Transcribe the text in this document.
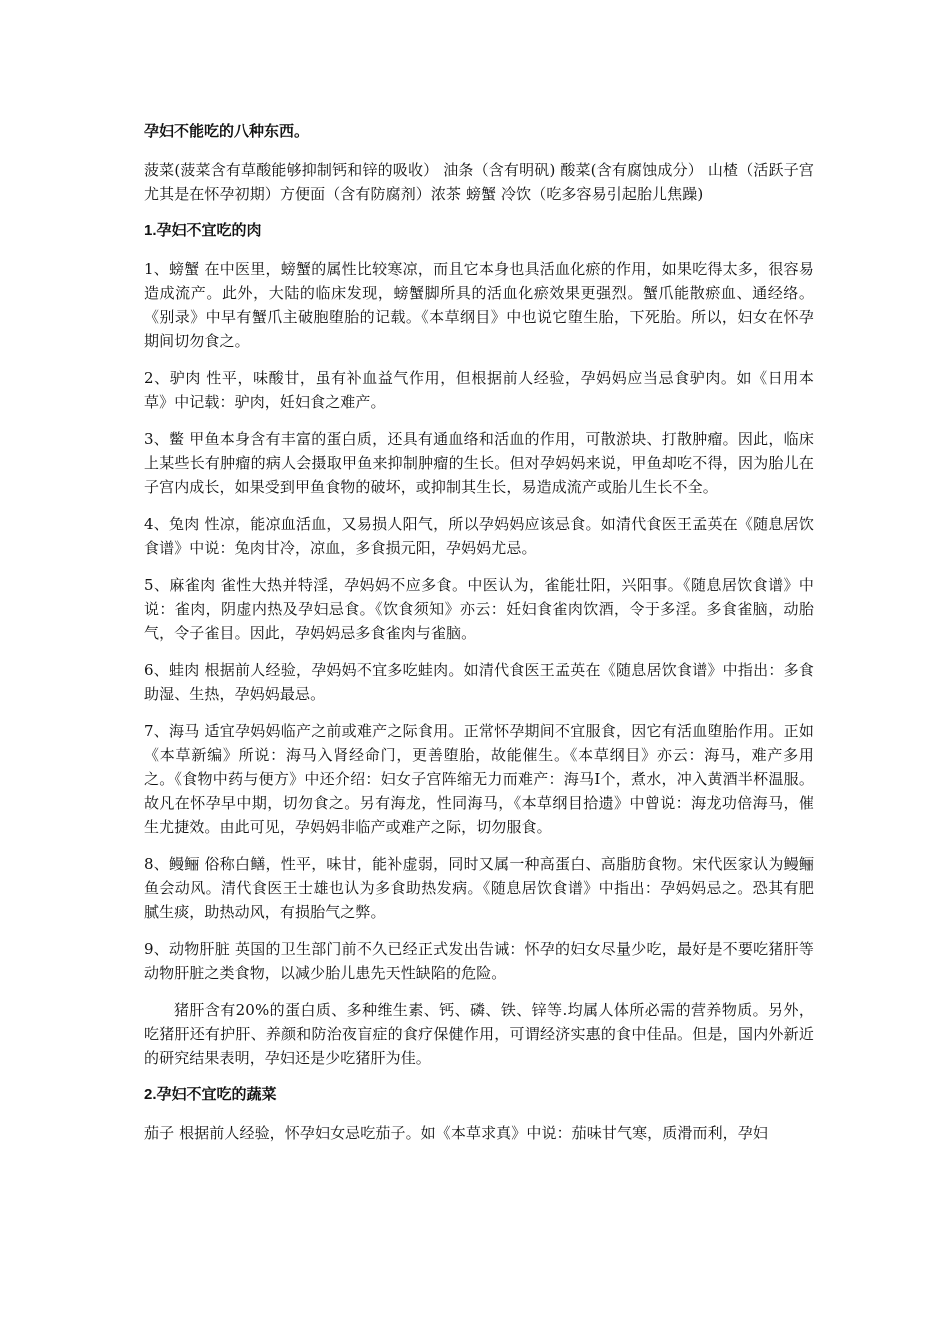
孕妇不能吃的八种东西。

菠菜(菠菜含有草酸能够抑制钙和锌的吸收） 油条（含有明矾) 酸菜(含有腐蚀成分） 山楂（活跃子宫尤其是在怀孕初期）方便面（含有防腐剂）浓茶 螃蟹 冷饮（吃多容易引起胎儿焦躁)

1.孕妇不宜吃的肉

1、螃蟹 在中医里，螃蟹的属性比较寒凉，而且它本身也具活血化瘀的作用，如果吃得太多，很容易造成流产。此外，大陆的临床发现，螃蟹脚所具的活血化瘀效果更强烈。蟹爪能散瘀血、通经络。《别录》中早有蟹爪主破胞堕胎的记载。《本草纲目》中也说它堕生胎，下死胎。所以，妇女在怀孕期间切勿食之。

2、驴肉 性平，味酸甘，虽有补血益气作用，但根据前人经验，孕妈妈应当忌食驴肉。如《日用本草》中记载：驴肉，妊妇食之难产。

3、鳖 甲鱼本身含有丰富的蛋白质，还具有通血络和活血的作用，可散淤块、打散肿瘤。因此，临床上某些长有肿瘤的病人会摄取甲鱼来抑制肿瘤的生长。但对孕妈妈来说，甲鱼却吃不得，因为胎儿在子宫内成长，如果受到甲鱼食物的破坏，或抑制其生长，易造成流产或胎儿生长不全。

4、兔肉 性凉，能凉血活血，又易损人阳气，所以孕妈妈应该忌食。如清代食医王孟英在《随息居饮食谱》中说：兔肉甘冷，凉血，多食损元阳，孕妈妈尤忌。

5、麻雀肉 雀性大热并特淫，孕妈妈不应多食。中医认为，雀能壮阳，兴阳事。《随息居饮食谱》中说：雀肉，阴虚内热及孕妇忌食。《饮食须知》亦云：妊妇食雀肉饮酒，令于多淫。多食雀脑，动胎气，令子雀目。因此，孕妈妈忌多食雀肉与雀脑。

6、蛙肉 根据前人经验，孕妈妈不宜多吃蛙肉。如清代食医王孟英在《随息居饮食谱》中指出：多食助湿、生热，孕妈妈最忌。

7、海马 适宜孕妈妈临产之前或难产之际食用。正常怀孕期间不宜服食，因它有活血堕胎作用。正如《本草新编》所说：海马入肾经命门，更善堕胎，故能催生。《本草纲目》亦云：海马，难产多用之。《食物中药与便方》中还介绍：妇女子宫阵缩无力而难产：海马Ⅰ个，煮水，冲入黄酒半杯温服。故凡在怀孕早中期，切勿食之。另有海龙，性同海马，《本草纲目拾遗》中曾说：海龙功倍海马，催生尤捷效。由此可见，孕妈妈非临产或难产之际，切勿服食。

8、鳗鲡 俗称白鳝，性平，味甘，能补虚弱，同时又属一种高蛋白、高脂肪食物。宋代医家认为鳗鲡鱼会动风。清代食医王士雄也认为多食助热发病。《随息居饮食谱》中指出：孕妈妈忌之。恐其有肥腻生痰，助热动风，有损胎气之弊。

9、动物肝脏 英国的卫生部门前不久已经正式发出告诫：怀孕的妇女尽量少吃，最好是不要吃猪肝等动物肝脏之类食物，以减少胎儿患先天性缺陷的危险。

猪肝含有20%的蛋白质、多种维生素、钙、磷、铁、锌等.均属人体所必需的营养物质。另外，吃猪肝还有护肝、养颜和防治夜盲症的食疗保健作用，可谓经济实惠的食中佳品。但是，国内外新近的研究结果表明，孕妇还是少吃猪肝为佳。

2.孕妇不宜吃的蔬菜

茄子 根据前人经验，怀孕妇女忌吃茄子。如《本草求真》中说：茄味甘气寒，质滑而利，孕妇
